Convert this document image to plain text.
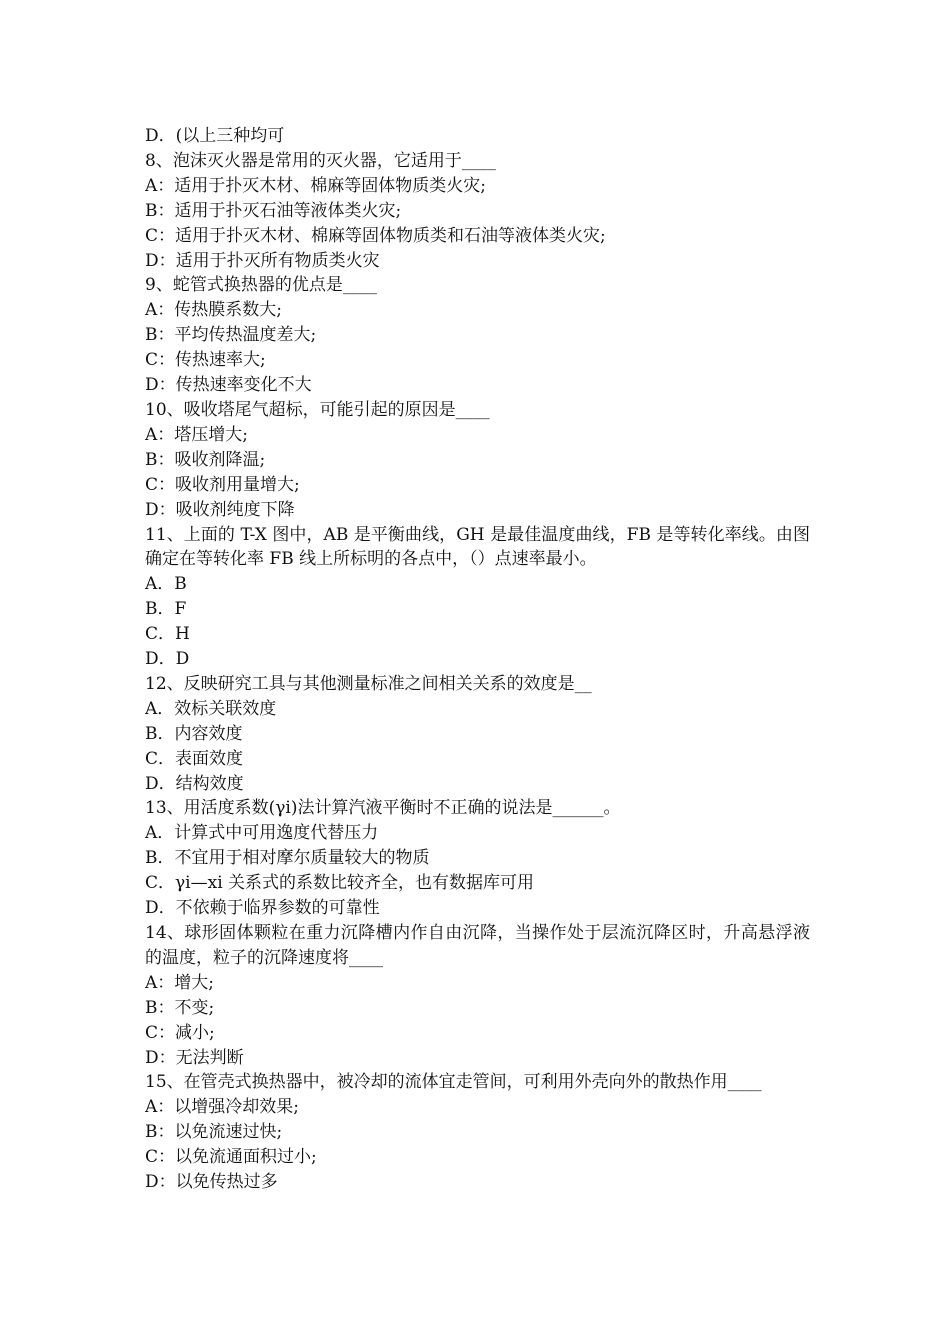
D．(以上三种均可
8、泡沫灭火器是常用的灭火器，它适用于____
A：适用于扑灭木材、棉麻等固体物质类火灾;
B：适用于扑灭石油等液体类火灾;
C：适用于扑灭木材、棉麻等固体物质类和石油等液体类火灾;
D：适用于扑灭所有物质类火灾
9、蛇管式换热器的优点是____
A：传热膜系数大;
B：平均传热温度差大;
C：传热速率大;
D：传热速率变化不大
10、吸收塔尾气超标，可能引起的原因是____
A：塔压增大;
B：吸收剂降温;
C：吸收剂用量增大;
D：吸收剂纯度下降
11、上面的 T-X 图中，AB 是平衡曲线，GH 是最佳温度曲线，FB 是等转化率线。由图确定在等转化率 FB 线上所标明的各点中，（）点速率最小。
A．B
B．F
C．H
D．D
12、反映研究工具与其他测量标准之间相关关系的效度是__
A．效标关联效度
B．内容效度
C．表面效度
D．结构效度
13、用活度系数(γi)法计算汽液平衡时不正确的说法是______。
A．计算式中可用逸度代替压力
B．不宜用于相对摩尔质量较大的物质
C．γi—xi 关系式的系数比较齐全，也有数据库可用
D．不依赖于临界参数的可靠性
14、球形固体颗粒在重力沉降槽内作自由沉降，当操作处于层流沉降区时，升高悬浮液的温度，粒子的沉降速度将____
A：增大;
B：不变;
C：减小;
D：无法判断
15、在管壳式换热器中，被冷却的流体宜走管间，可利用外壳向外的散热作用____
A：以增强冷却效果;
B：以免流速过快;
C：以免流通面积过小;
D：以免传热过多
